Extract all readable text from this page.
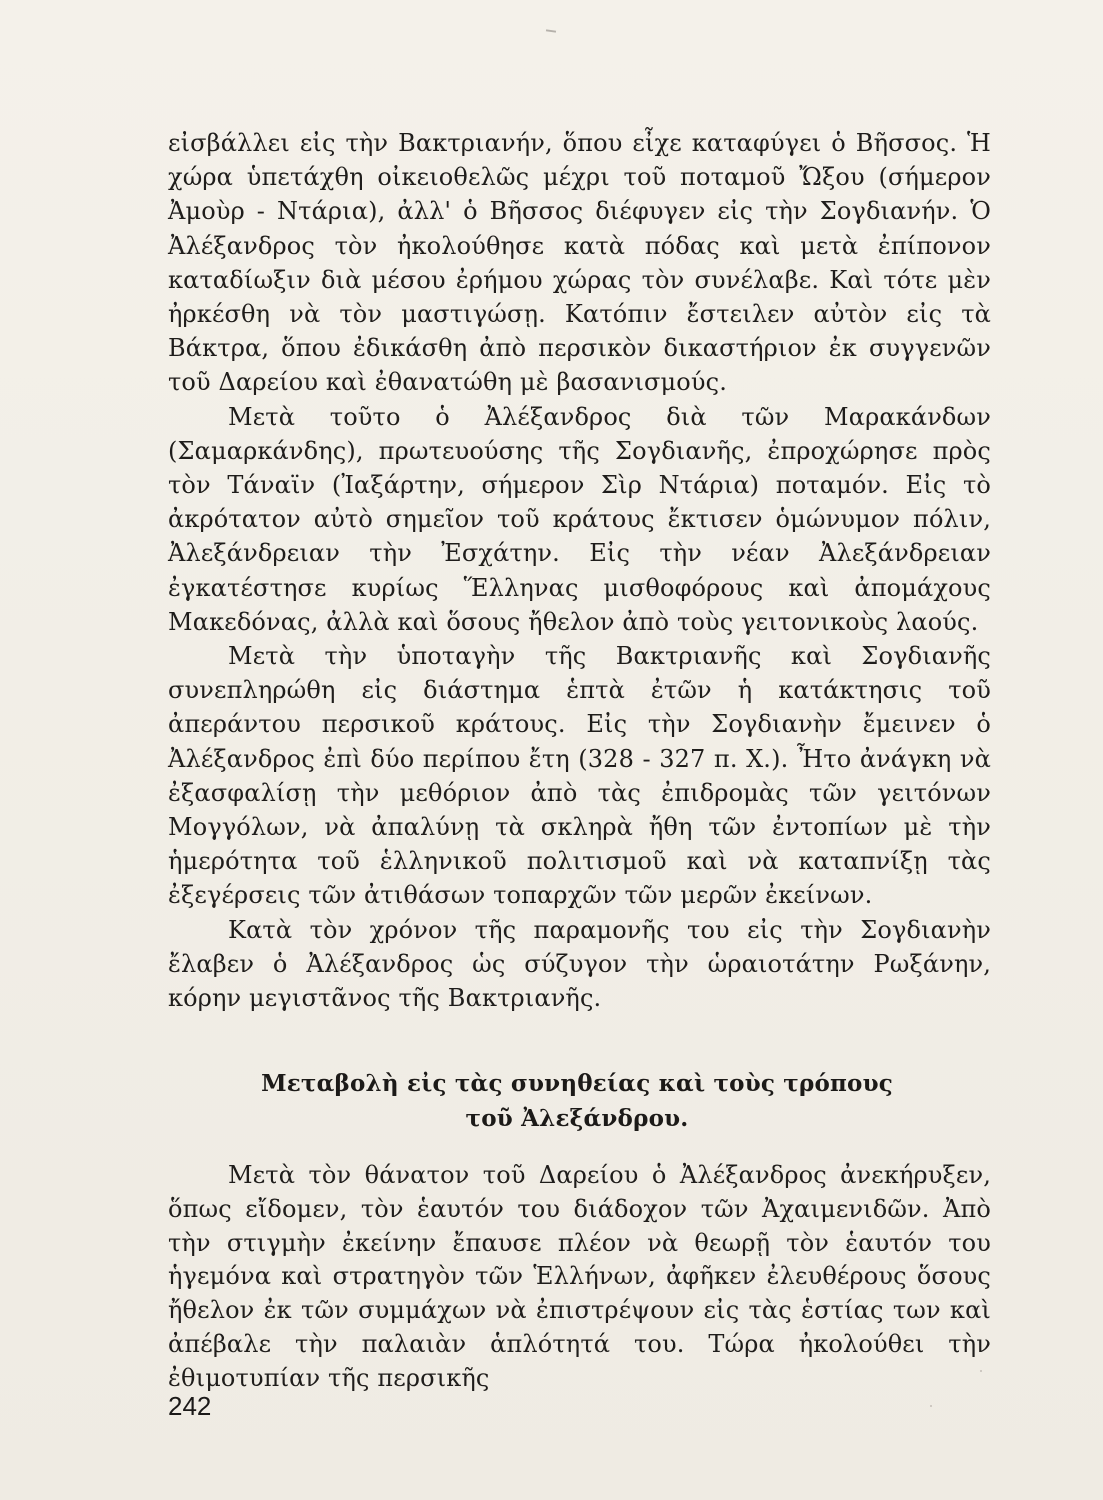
εἰσβάλλει εἰς τὴν Βακτριανήν, ὅπου εἶχε καταφύγει ὁ Βῆσσος. Ἡ χώρα ὑπετάχθη οἰκειοθελῶς μέχρι τοῦ ποταμοῦ Ὤξου (σήμερον Ἀμοὺρ - Ντάρια), ἀλλ' ὁ Βῆσσος διέφυγεν εἰς τὴν Σογδιανήν. Ὁ Ἀλέξανδρος τὸν ἠκολούθησε κατὰ πόδας καὶ μετὰ ἐπίπονον καταδίωξιν διὰ μέσου ἐρήμου χώρας τὸν συνέλαβε. Καὶ τότε μὲν ἠρκέσθη νὰ τὸν μαστιγώσῃ. Κατόπιν ἔστειλεν αὐτὸν εἰς τὰ Βάκτρα, ὅπου ἐδικάσθη ἀπὸ περσικὸν δικαστήριον ἐκ συγγενῶν τοῦ Δαρείου καὶ ἐθανατώθη μὲ βασανισμούς.

Μετὰ τοῦτο ὁ Ἀλέξανδρος διὰ τῶν Μαρακάνδων (Σαμαρκάνδης), πρωτευούσης τῆς Σογδιανῆς, ἐπροχώρησε πρὸς τὸν Τάναϊν (Ἰαξάρτην, σήμερον Σὶρ Ντάρια) ποταμόν. Εἰς τὸ ἀκρότατον αὐτὸ σημεῖον τοῦ κράτους ἔκτισεν ὁμώνυμον πόλιν, Ἀλεξάνδρειαν τὴν Ἐσχάτην. Εἰς τὴν νέαν Ἀλεξάνδρειαν ἐγκατέστησε κυρίως Ἕλληνας μισθοφόρους καὶ ἀπομάχους Μακεδόνας, ἀλλὰ καὶ ὅσους ἤθελον ἀπὸ τοὺς γειτονικοὺς λαούς.

Μετὰ τὴν ὑποταγὴν τῆς Βακτριανῆς καὶ Σογδιανῆς συνεπληρώθη εἰς διάστημα ἑπτὰ ἐτῶν ἡ κατάκτησις τοῦ ἀπεράντου περσικοῦ κράτους. Εἰς τὴν Σογδιανὴν ἔμεινεν ὁ Ἀλέξανδρος ἐπὶ δύο περίπου ἔτη (328 - 327 π. Χ.). Ἦτο ἀνάγκη νὰ ἐξασφαλίσῃ τὴν μεθόριον ἀπὸ τὰς ἐπιδρομὰς τῶν γειτόνων Μογγόλων, νὰ ἀπαλύνῃ τὰ σκληρὰ ἤθη τῶν ἐντοπίων μὲ τὴν ἡμερότητα τοῦ ἑλληνικοῦ πολιτισμοῦ καὶ νὰ καταπνίξῃ τὰς ἐξεγέρσεις τῶν ἀτιθάσων τοπαρχῶν τῶν μερῶν ἐκείνων.

Κατὰ τὸν χρόνον τῆς παραμονῆς του εἰς τὴν Σογδιανὴν ἔλαβεν ὁ Ἀλέξανδρος ὡς σύζυγον τὴν ὡραιοτάτην Ρωξάνην, κόρην μεγιστᾶνος τῆς Βακτριανῆς.

Μεταβολὴ εἰς τὰς συνηθείας καὶ τοὺς τρόπους
τοῦ Ἀλεξάνδρου.

Μετὰ τὸν θάνατον τοῦ Δαρείου ὁ Ἀλέξανδρος ἀνεκήρυξεν, ὅπως εἴδομεν, τὸν ἑαυτόν του διάδοχον τῶν Ἀχαιμενιδῶν. Ἀπὸ τὴν στιγμὴν ἐκείνην ἔπαυσε πλέον νὰ θεωρῇ τὸν ἑαυτόν του ἡγεμόνα καὶ στρατηγὸν τῶν Ἑλλήνων, ἀφῆκεν ἐλευθέρους ὅσους ἤθελον ἐκ τῶν συμμάχων νὰ ἐπιστρέψουν εἰς τὰς ἑστίας των καὶ ἀπέβαλε τὴν παλαιὰν ἁπλότητά του. Τώρα ἠκολούθει τὴν ἐθιμοτυπίαν τῆς περσικῆς

242
